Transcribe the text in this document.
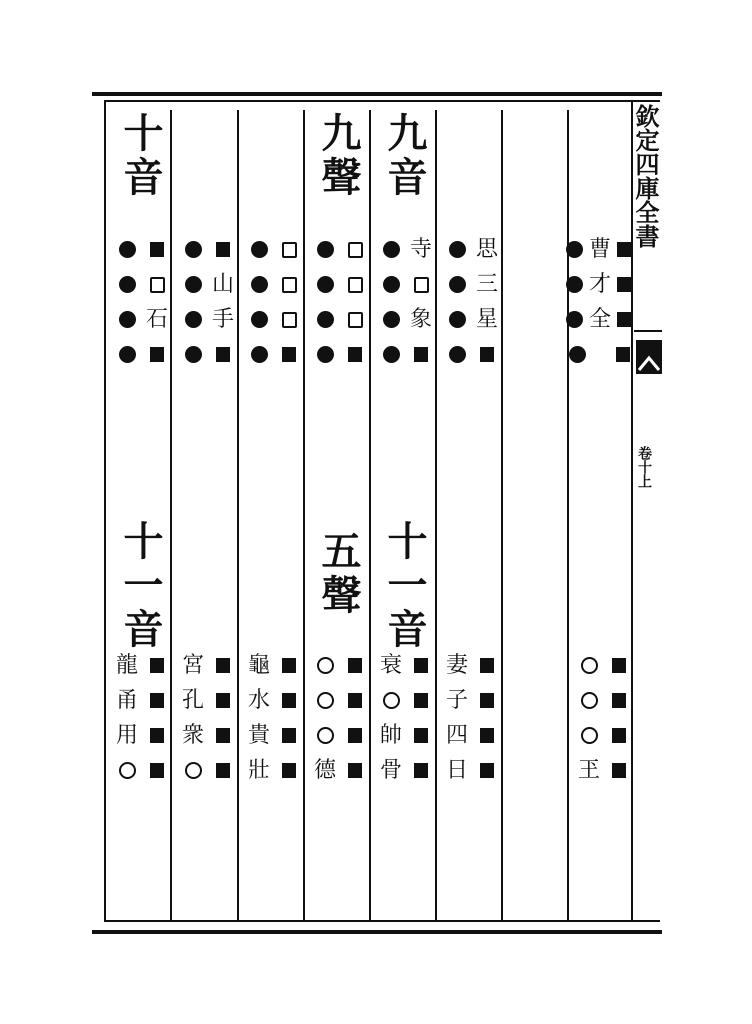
欽定四庫全書
卷十上
曹
才
全
玊
思
三
星
妻
子
四
日
九音
寺
象
十一音
衰
帥
骨
九聲
五聲
德
龜
水
貴
壯
山
手
宮
孔
衆
十音
石
十一音
龍
甬
用
